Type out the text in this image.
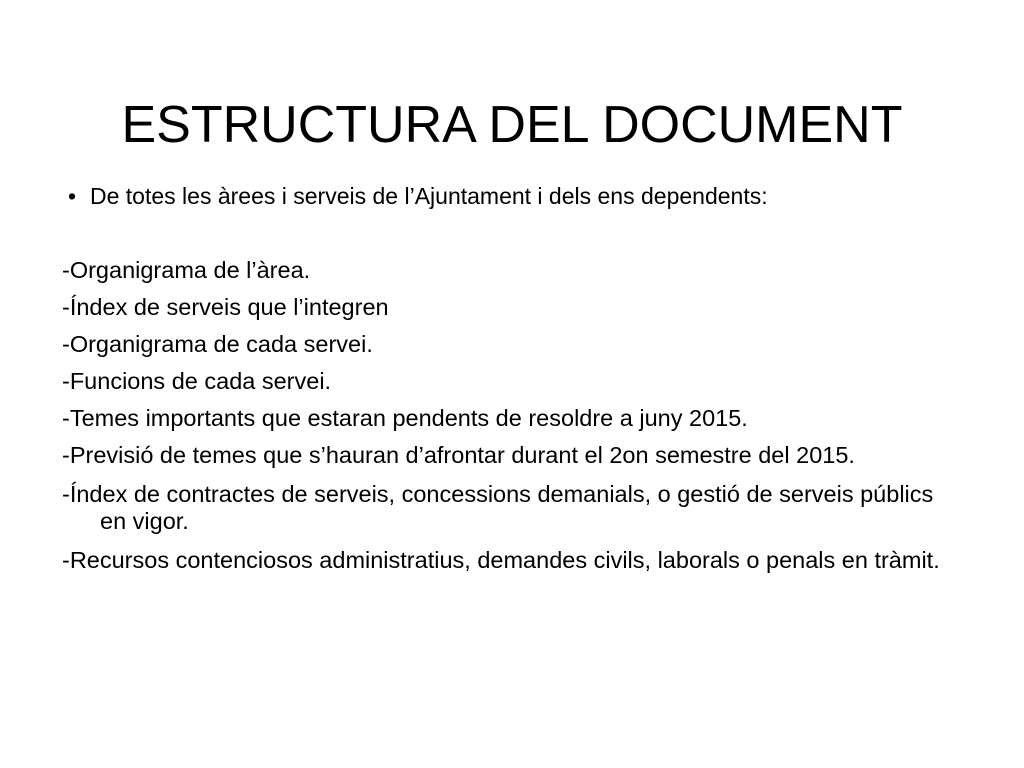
ESTRUCTURA DEL DOCUMENT
• De totes les àrees i serveis de l’Ajuntament i dels ens dependents:
-Organigrama de l’àrea.
-Índex de serveis que l’integren
-Organigrama de cada servei.
-Funcions de cada servei.
-Temes importants que estaran pendents de resoldre a juny 2015.
-Previsió de temes que s’hauran d’afrontar durant el 2on semestre del 2015.
-Índex de contractes de serveis, concessions demanials, o gestió de serveis públics en vigor.
-Recursos contenciosos administratius, demandes civils, laborals o penals en tràmit.
